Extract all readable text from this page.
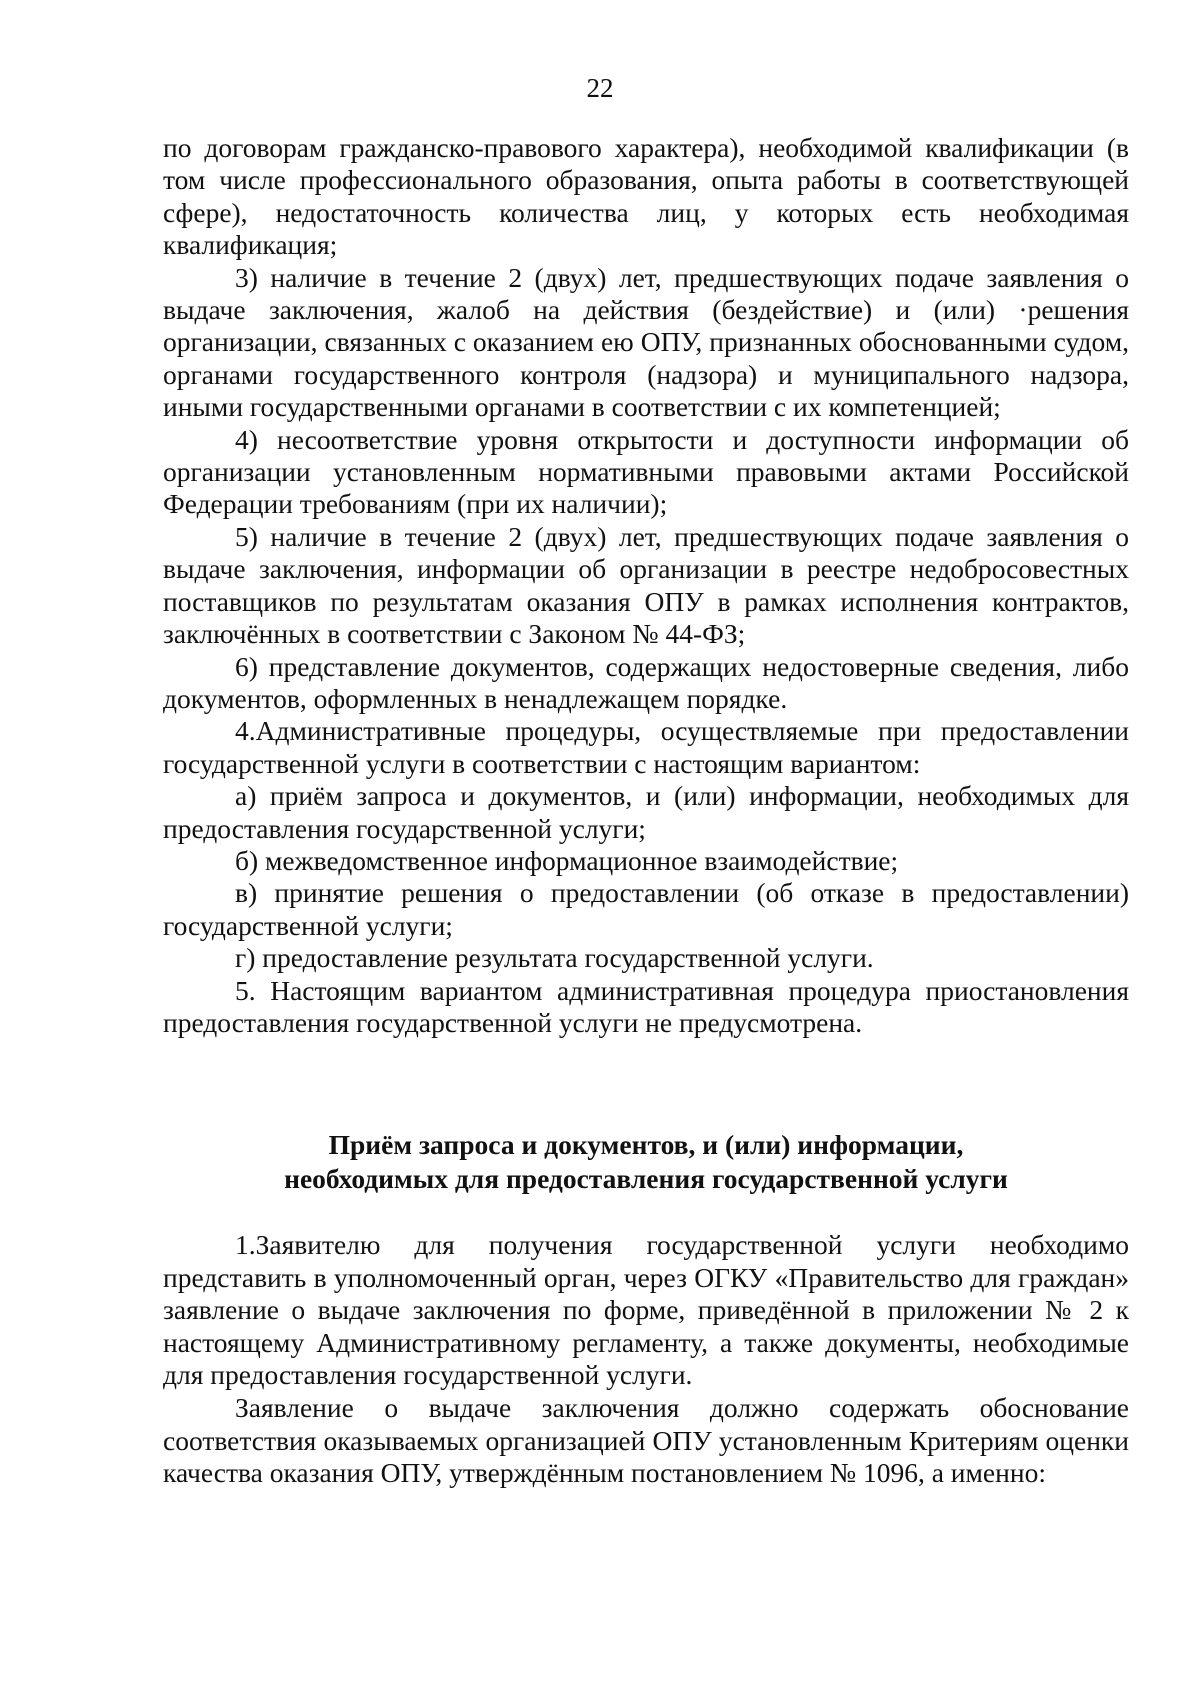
22

по договорам гражданско-правового характера), необходимой квалификации (в том числе профессионального образования, опыта работы в соответствующей сфере), недостаточность количества лиц, у которых есть необходимая квалификация;

3) наличие в течение 2 (двух) лет, предшествующих подаче заявления о выдаче заключения, жалоб на действия (бездействие) и (или) ·решения организации, связанных с оказанием ею ОПУ, признанных обоснованными судом, органами государственного контроля (надзора) и муниципального надзора, иными государственными органами в соответствии с их компетенцией;

4) несоответствие уровня открытости и доступности информации об организации установленным нормативными правовыми актами Российской Федерации требованиям (при их наличии);

5) наличие в течение 2 (двух) лет, предшествующих подаче заявления о выдаче заключения, информации об организации в реестре недобросовестных поставщиков по результатам оказания ОПУ в рамках исполнения контрактов, заключённых в соответствии с Законом № 44-ФЗ;

6) представление документов, содержащих недостоверные сведения, либо документов, оформленных в ненадлежащем порядке.

4.Административные процедуры, осуществляемые при предоставлении государственной услуги в соответствии с настоящим вариантом:

а) приём запроса и документов, и (или) информации, необходимых для предоставления государственной услуги;

б) межведомственное информационное взаимодействие;

в) принятие решения о предоставлении (об отказе в предоставлении) государственной услуги;

г) предоставление результата государственной услуги.

5. Настоящим вариантом административная процедура приостановления предоставления государственной услуги не предусмотрена.

Приём запроса и документов, и (или) информации,
необходимых для предоставления государственной услуги

1.Заявителю для получения государственной услуги необходимо представить в уполномоченный орган, через ОГКУ «Правительство для граждан» заявление о выдаче заключения по форме, приведённой в приложении № 2 к настоящему Административному регламенту, а также документы, необходимые для предоставления государственной услуги.

Заявление о выдаче заключения должно содержать обоснование соответствия оказываемых организацией ОПУ установленным Критериям оценки качества оказания ОПУ, утверждённым постановлением № 1096, а именно:
